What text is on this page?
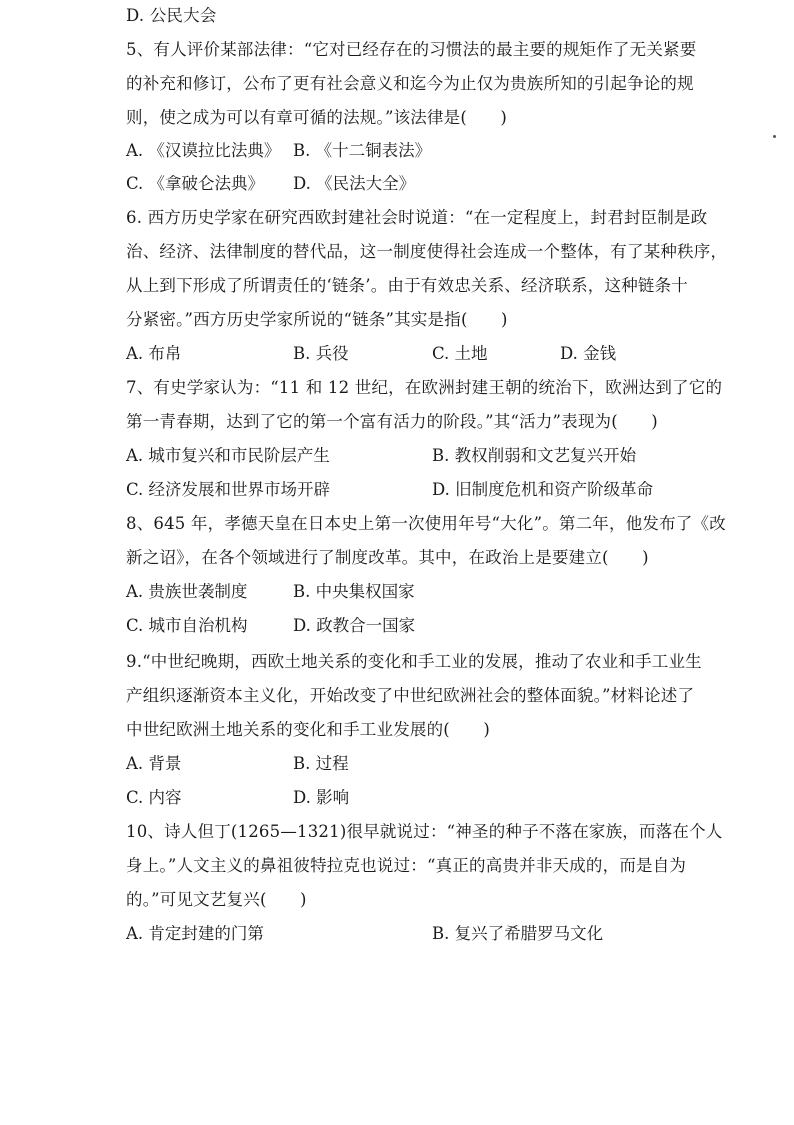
D. 公民大会
5、有人评价某部法律：“它对已经存在的习惯法的最主要的规矩作了无关紧要
的补充和修订，公布了更有社会意义和迄今为止仅为贵族所知的引起争论的规
则，使之成为可以有章可循的法规。”该法律是(　　)
A. 《汉谟拉比法典》 B. 《十二铜表法》
C. 《拿破仑法典》 D. 《民法大全》
6. 西方历史学家在研究西欧封建社会时说道：“在一定程度上，封君封臣制是政
治、经济、法律制度的替代品，这一制度使得社会连成一个整体，有了某种秩序，
从上到下形成了所谓责任的‘链条’。由于有效忠关系、经济联系，这种链条十
分紧密。”西方历史学家所说的“链条”其实是指(　　)
A. 布帛	B. 兵役	C. 土地	D. 金钱
7、有史学家认为：“11 和 12 世纪，在欧洲封建王朝的统治下，欧洲达到了它的
第一青春期，达到了它的第一个富有活力的阶段。”其“活力”表现为(　　)
A. 城市复兴和市民阶层产生	B. 教权削弱和文艺复兴开始
C. 经济发展和世界市场开辟	D. 旧制度危机和资产阶级革命
8、645 年，孝德天皇在日本史上第一次使用年号“大化”。第二年，他发布了《改
新之诏》，在各个领域进行了制度改革。其中，在政治上是要建立(　　)
A. 贵族世袭制度	B. 中央集权国家
C. 城市自治机构	D. 政教合一国家
9.“中世纪晚期，西欧土地关系的变化和手工业的发展，推动了农业和手工业生
产组织逐渐资本主义化，开始改变了中世纪欧洲社会的整体面貌。”材料论述了
中世纪欧洲土地关系的变化和手工业发展的(　　)
A. 背景	B. 过程
C. 内容	D. 影响
10、诗人但丁(1265—1321)很早就说过：“神圣的种子不落在家族，而落在个人
身上。”人文主义的鼻祖彼特拉克也说过：“真正的高贵并非天成的，而是自为
的。”可见文艺复兴(　　)
A. 肯定封建的门第	B. 复兴了希腊罗马文化
